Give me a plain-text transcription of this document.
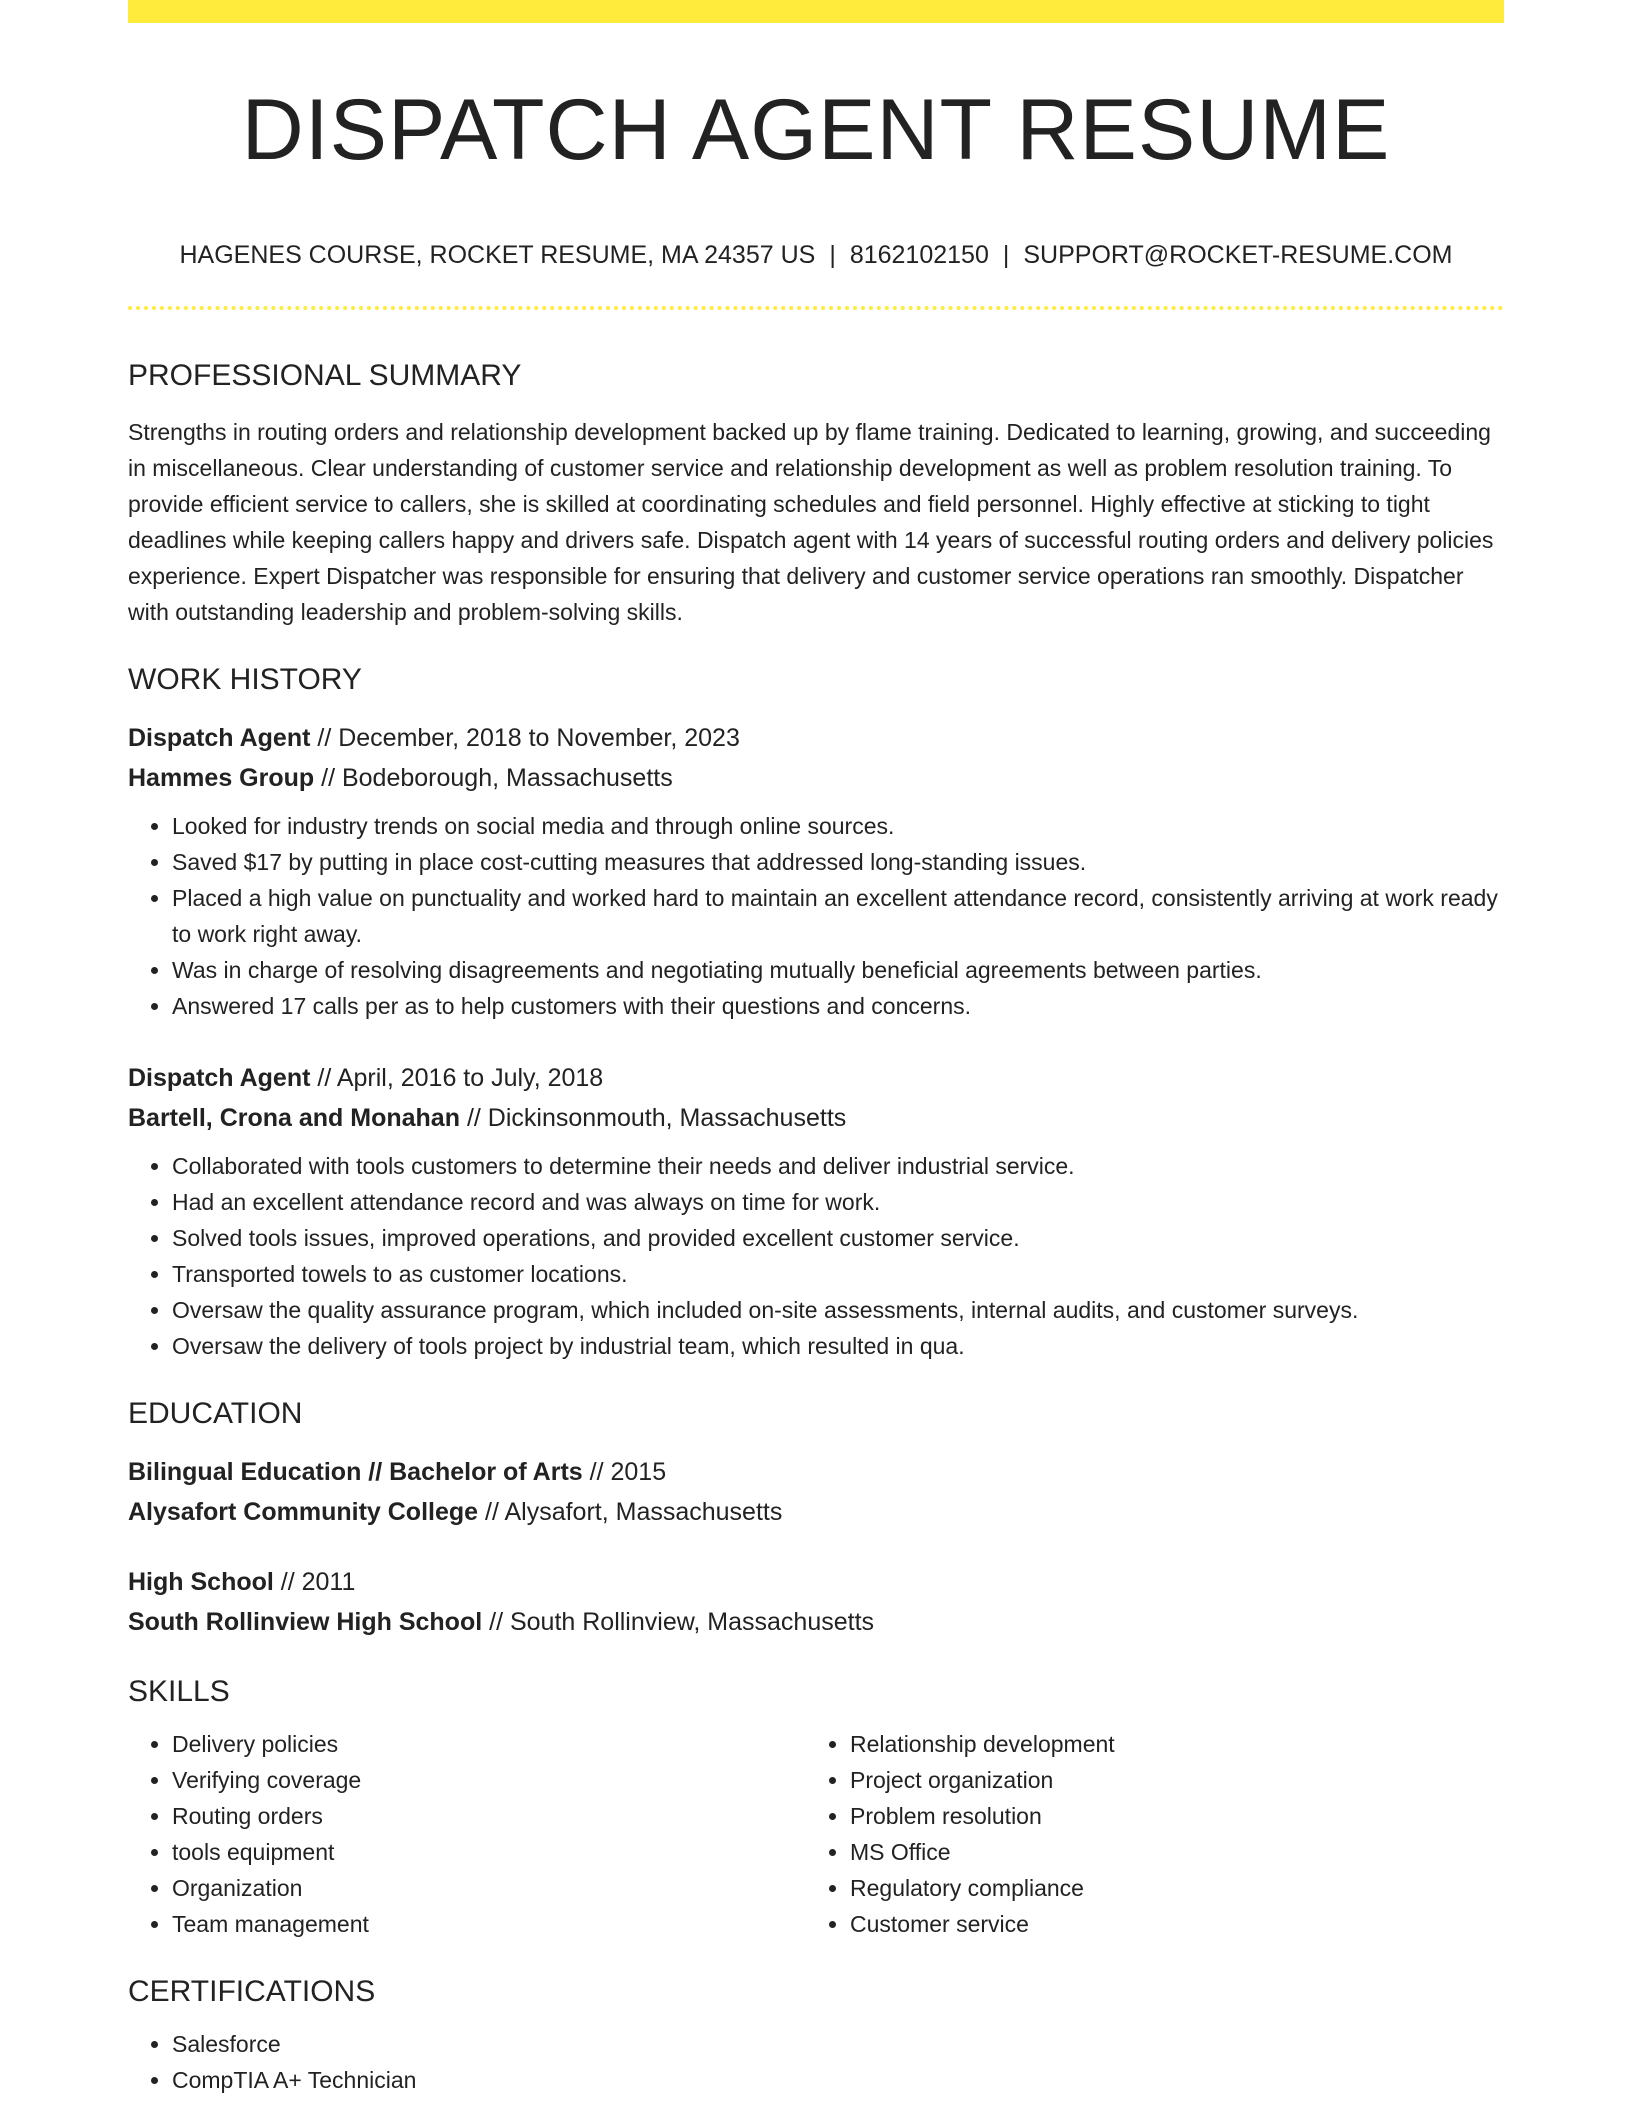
DISPATCH AGENT RESUME
HAGENES COURSE, ROCKET RESUME, MA 24357 US | 8162102150 | SUPPORT@ROCKET-RESUME.COM
PROFESSIONAL SUMMARY

Strengths in routing orders and relationship development backed up by flame training. Dedicated to learning, growing, and succeeding in miscellaneous. Clear understanding of customer service and relationship development as well as problem resolution training. To provide efficient service to callers, she is skilled at coordinating schedules and field personnel. Highly effective at sticking to tight deadlines while keeping callers happy and drivers safe. Dispatch agent with 14 years of successful routing orders and delivery policies experience. Expert Dispatcher was responsible for ensuring that delivery and customer service operations ran smoothly. Dispatcher with outstanding leadership and problem-solving skills.

WORK HISTORY
Dispatch Agent // December, 2018 to November, 2023
Hammes Group // Bodeborough, Massachusetts
• Looked for industry trends on social media and through online sources.
• Saved $17 by putting in place cost-cutting measures that addressed long-standing issues.
• Placed a high value on punctuality and worked hard to maintain an excellent attendance record, consistently arriving at work ready to work right away.
• Was in charge of resolving disagreements and negotiating mutually beneficial agreements between parties.
• Answered 17 calls per as to help customers with their questions and concerns.
Dispatch Agent // April, 2016 to July, 2018
Bartell, Crona and Monahan // Dickinsonmouth, Massachusetts
• Collaborated with tools customers to determine their needs and deliver industrial service.
• Had an excellent attendance record and was always on time for work.
• Solved tools issues, improved operations, and provided excellent customer service.
• Transported towels to as customer locations.
• Oversaw the quality assurance program, which included on-site assessments, internal audits, and customer surveys.
• Oversaw the delivery of tools project by industrial team, which resulted in qua.
EDUCATION
Bilingual Education // Bachelor of Arts // 2015
Alysafort Community College // Alysafort, Massachusetts
High School // 2011
South Rollinview High School // South Rollinview, Massachusetts
SKILLS
• Delivery policies
• Verifying coverage
• Routing orders
• tools equipment
• Organization
• Team management
• Relationship development
• Project organization
• Problem resolution
• MS Office
• Regulatory compliance
• Customer service
CERTIFICATIONS
• Salesforce
• CompTIA A+ Technician
